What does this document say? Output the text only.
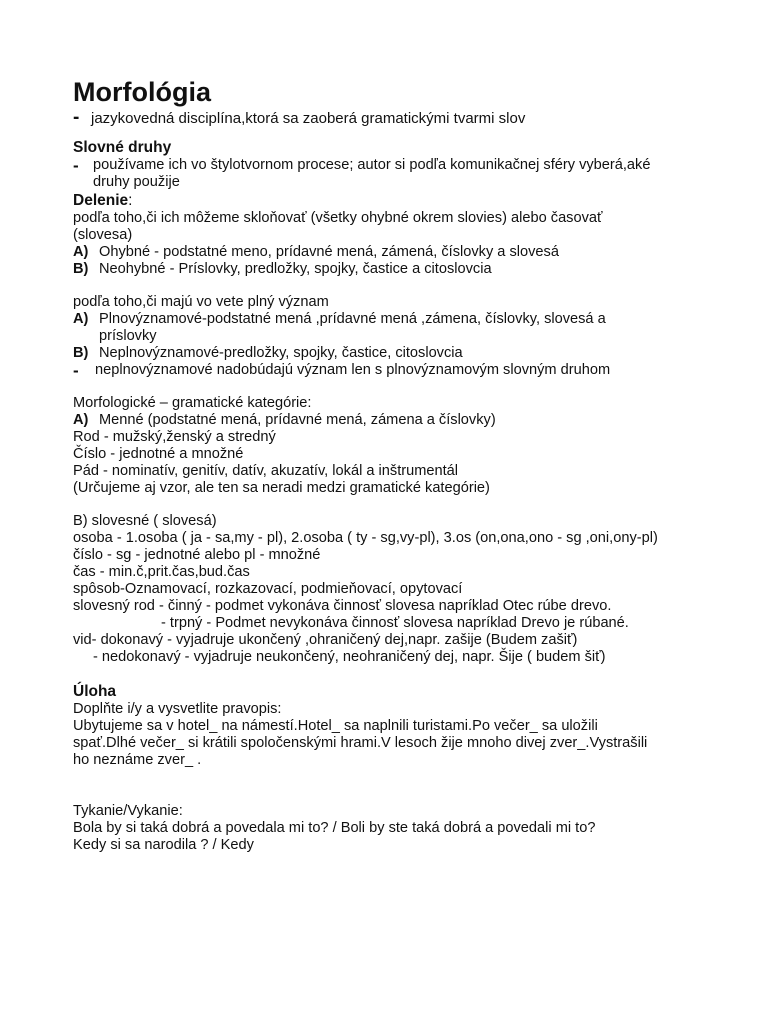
Morfológia
- jazykovedná disciplína,ktorá sa zaoberá gramatickými tvarmi slov
Slovné druhy
- používame ich vo štylotvornom procese; autor si podľa komunikačnej sféry vyberá,aké druhy použije
Delenie:
podľa toho,či ich môžeme skloňovať (všetky ohybné okrem slovies) alebo časovať (slovesa)
A) Ohybné - podstatné meno, prídavné mená, zámená, číslovky a slovesá
B) Neohybné - Príslovky, predložky, spojky, častice a citoslovcia
podľa toho,či majú vo vete plný význam
A) Plnovýznamové-podstatné mená ,prídavné mená ,zámena, číslovky, slovesá a príslovky
B) Neplnovýznamové-predložky, spojky, častice, citoslovcia
-	neplnovýznamové nadobúdajú význam len s plnovýznamovým slovným druhom
Morfologické – gramatické kategórie:
A) Menné (podstatné mená, prídavné mená, zámena a číslovky)
Rod - mužský,ženský a stredný
Číslo - jednotné a množné
Pád - nominatív, genitív, datív, akuzatív, lokál a inštrumentál
(Určujeme aj vzor, ale ten sa neradi medzi gramatické kategórie)
B) slovesné ( slovesá)
osoba - 1.osoba ( ja - sa,my - pl), 2.osoba ( ty - sg,vy-pl), 3.os (on,ona,ono - sg ,oni,ony-pl)
číslo - sg - jednotné alebo pl - množné
čas - min.č,prit.čas,bud.čas
spôsob-Oznamovací, rozkazovací, podmieňovací, opytovací
slovesný rod - činný - podmet vykonáva činnosť slovesa napríklad Otec rúbe drevo.
- trpný - Podmet nevykonáva činnosť slovesa napríklad Drevo je rúbané.
vid- dokonavý - vyjadruje ukončený ,ohraničený dej,napr. zašije (Budem zašiť)
- nedokonavý - vyjadruje neukončený, neohraničený dej, napr. Šije ( budem šiť)
Úloha
Doplňte i/y a vysvetlite pravopis:
Ubytujeme sa v hotel_ na námestí.Hotel_ sa naplnili turistami.Po večer_ sa uložili spať.Dlhé večer_ si krátili spoločenskými hrami.V lesoch žije mnoho divej zver_.Vystrašili ho neznáme zver_ .
Tykanie/Vykanie:
Bola by si taká dobrá a povedala mi to? / Boli by ste taká dobrá a povedali mi to?
Kedy si sa narodila ? / Kedy
